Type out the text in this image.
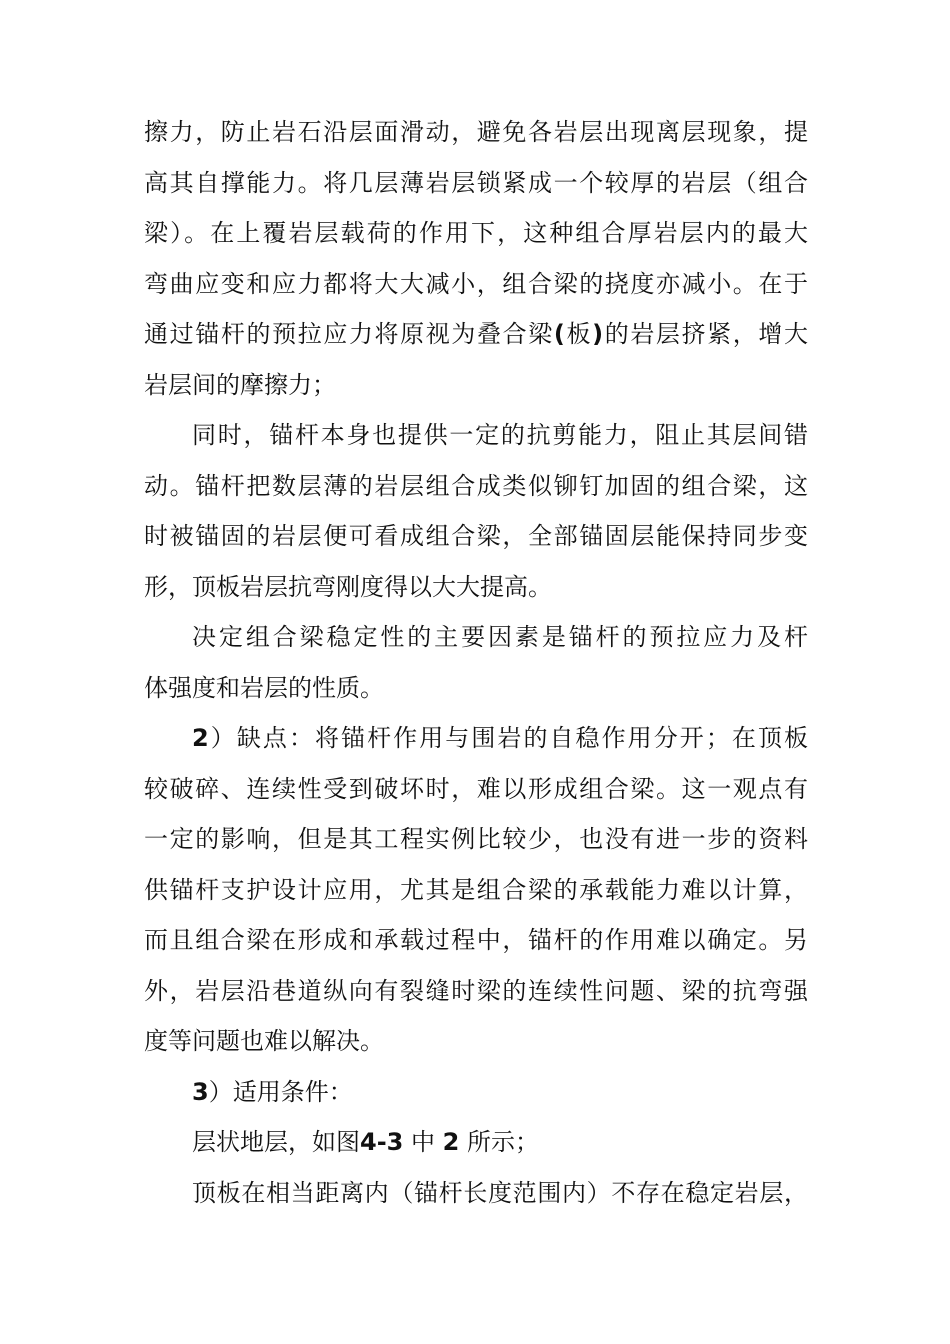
擦力，防止岩石沿层面滑动，避免各岩层出现离层现象，提
高其自撑能力。将几层薄岩层锁紧成一个较厚的岩层（组合
梁）。在上覆岩层载荷的作用下，这种组合厚岩层内的最大
弯曲应变和应力都将大大减小，组合梁的挠度亦减小。在于
通过锚杆的预拉应力将原视为叠合梁(板)的岩层挤紧，增大
岩层间的摩擦力；
同时，锚杆本身也提供一定的抗剪能力，阻止其层间错
动。锚杆把数层薄的岩层组合成类似铆钉加固的组合梁，这
时被锚固的岩层便可看成组合梁，全部锚固层能保持同步变
形，顶板岩层抗弯刚度得以大大提高。
决定组合梁稳定性的主要因素是锚杆的预拉应力及杆
体强度和岩层的性质。
2）缺点：将锚杆作用与围岩的自稳作用分开；在顶板
较破碎、连续性受到破坏时，难以形成组合梁。这一观点有
一定的影响，但是其工程实例比较少，也没有进一步的资料
供锚杆支护设计应用，尤其是组合梁的承载能力难以计算，
而且组合梁在形成和承载过程中，锚杆的作用难以确定。另
外，岩层沿巷道纵向有裂缝时梁的连续性问题、梁的抗弯强
度等问题也难以解决。
3）适用条件：
层状地层，如图4-3 中 2 所示；
顶板在相当距离内（锚杆长度范围内）不存在稳定岩层，
